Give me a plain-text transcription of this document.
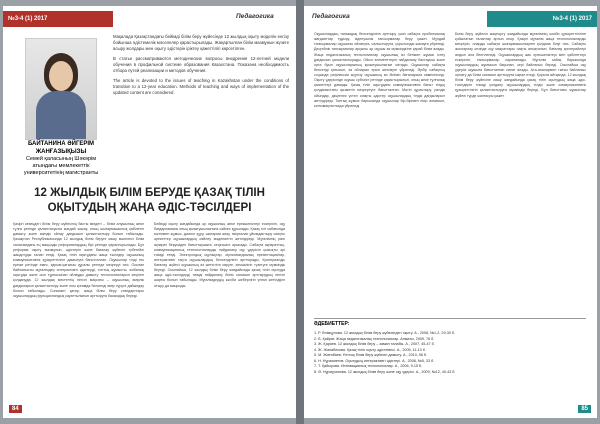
№3-4 (1) 2017	Педагогика
БАЙТАНИНА ӘЙГЕРІМ ЖАНҒАЗЫҚЫЗЫ
Семей қаласының Шәкәрім атындағы мемлекеттік университетінің магистранты

Мақалада Қазақстандағы бейімді білім беру жүйесінде 12 жылдық оқыту моделін енгізу бойынша әдістемелік мәселелер қарастырылады. Жаңартылған білім мазмұнын жүзеге асыру жолдары мен оқыту әдістерін іріктеу қажеттілігі көрсетілген.

В статье рассматриваются методические вопросы внедрения 12-летней модели обучения в профильной системе образования Казахстана. Показана необходимость отбора путей реализации и методов обучения.

The article is devoted to the issues of teaching in Kazakhstan under the conditions of transition to a 12-year education. Methods of teaching and ways of implementation of the updated content are considered.

12 ЖЫЛДЫҚ БІЛІМ БЕРУДЕ ҚАЗАҚ ТІЛІН ОҚЫТУДЫҢ ЖАҢА ӘДІС-ТӘСІЛДЕРІ
Қазіргі кезеңдегі білім беру жүйесінің басты міндеті – білім алушының жеке тұлға ретінде қалыптасуына жағдай жасау, оның шығармашылық қабілетін дамыту және өзіндік ойлау дағдысын қалыптастыру болып табылады. Қазақстан Республикасында 12 жылдық білім беруге көшу мәселесі білім саласындағы ең маңызды реформалардың бірі ретінде қарастырылады. Бұл реформа оқыту мазмұнын, әдістерін және бағалау жүйесін түбегейлі жаңартуды талап етеді. Қазақ тілін оқытудағы жаңа тәсілдер оқушының коммуникативтік құзыреттілігін дамытуға бағытталған. Оқушылар тілді тек ереже ретінде емес, қарым-қатынас құралы ретінде меңгеруі тиіс. Осыған байланысты мұғалімдер интерактивті әдістерді, топтық жұмысты, жобалық оқытуды және сын тұрғысынан ойлауды дамыту технологияларын кеңінен қолдануда. 12 жылдық мектептің негізгі мақсаты – оқушының өмірлік дағдыларын қалыптастыру және оны қоғамда белсенді өмір сүруге дайындау болып табылады. Сонымен қатар, жаңа білім беру стандарттары оқушылардың функционалдық сауаттылығын арттыруға басымдық береді.
Бейімді оқыту жағдайында әр оқушының жеке ерекшеліктері ескеріліп, оқу бағдарламасы оның қызығушылығына сәйкес құрылады. Қазақ тілі сабағында мәтінмен жұмыс, диалог құру, шығарма жазу, пікірталас ұйымдастыру сияқты әрекеттер оқушылардың сөйлеу мәдениетін жетілдіреді. Мұғалімнің рөлі ақпарат берушіден бағыттаушыға, кеңесшіге ауысады. Сабақта ақпараттық-коммуникациялық технологияларды пайдалану оқу үдерісін қызықты әрі тиімді етеді. Электрондық оқулықтар, мультимедиялық презентациялар, интерактивті тақта оқушылардың белсенділігін арттырады. Критериалды бағалау жүйесі оқушының өз жетістігін көруге, кемшілігін түзетуге мүмкіндік береді. Осылайша, 12 жылдық білім беру жағдайында қазақ тілін оқытуда жаңа әдіс-тәсілдерді тиімді пайдалану білім сапасын арттырудың негізгі шарты болып табылады. Мұғалімдердің кәсіби шеберлігін үнемі жетілдіріп отыру да маңызды.
84
Педагогика	№3-4 (1) 2017
Оқушылардың танымдық белсенділігін арттыру үшін сабақта проблемалық жағдаяттар тудыру, ізденушілік тапсырмалар беру қажет. Мұндай тапсырмалар оқушыны ойлануға, салыстыруға, қорытынды жасауға үйретеді. Деңгейлік тапсырмалар арқылы әр оқушы өз мүмкіндігіне қарай білім алады. Жаңа педагогикалық технологиялар оқушының өз бетімен жұмыс істеу дағдысын қалыптастырады. Ойын элементтерін пайдалану бастауыш және орта буын оқушыларының қызығушылығын оятады. Оқушылар сабақта белсенді қатысып, өз ойларын еркін жеткізуге үйренеді. Әрбір сабақтың соңында рефлексия жүргізу оқушының өз білімін бағалауына көмектеседі. Оқыту үдерісінде оқушы субъект ретінде қарастырылып, оның жеке тұлғалық қасиеттері дамиды. Қазақ тілін оқытудағы коммуникативтік бағыт тілдің қолданыстағы қызметін меңгертуге бағытталған. Мәтін құрастыру, рөлдік ойындар, дөңгелек үстел сияқты әдістер оқушылардың тілдік дағдыларын жетілдіреді. Топтық жұмыс барысында оқушылар бір-бірімен пікір алмасып, ынтымақтастыққа үйренеді.
Білім беру жүйесін жаңғырту жағдайында мұғалімнің кәсіби құзыреттілігіне қойылатын талаптар артып отыр. Қазіргі мұғалім жаңа технологияларды меңгеріп, оларды сабақта шығармашылықпен қолдана білуі тиіс. Сабақты жоспарлау кезінде оқу мақсаттары нақты анықталып, бағалау критерийлері алдын ала белгіленеді. Оқушылардың жас ерекшеліктері мен қабілеттері ескеріліп, тапсырмалар сараланады. Мұғалім сабақ барысында оқушылардың жұмысын бақылап, кері байланыс береді. Осылайша оқу үдерісі оқушыға бағытталған сипат алады. Ата-аналармен тығыз байланыс орнату да білім сапасын арттыруға ықпал етеді. Қорыта айтқанда, 12 жылдық білім беру жүйесіне көшу жағдайында қазақ тілін оқытудың жаңа әдіс-тәсілдерін тиімді қолдану оқушылардың тілдік және коммуникативтік құзыреттілігін қалыптастыруға мүмкіндік береді. Бұл бағыттағы жұмыстар жүйелі түрде жалғасуы қажет.
ӘДЕБИЕТТЕР:
1. Р. Әлімқұлова. 12 жылдық білім беру жүйесіндегі оқыту. А., 2008, №1-2, 29-30 б.
2. Б. Қайрат. Жаңа педагогикалық технологиялар. Алматы, 2009, 76 б.
3. Ж. Қараев. 12 жылдық білім беру – заман талабы. А., 2007, 45-47 б.
4. Ж. Жанабекова. Қазақ тілін оқыту әдістемесі. А., 2005, 11-13 б.
5. М. Жиенбаев. Ұлттық білім беру жүйесін дамыту. А., 2010, 56 б.
6. Н. Нұрахметов. Оқытудың интерактивті әдістері. А., 2008, №5, 33 б.
7. Т. Қайырова. Инновациялық технологиялар. А., 2006, 9-15 б.
8. Ә. Нұрмұханова. 12 жылдық білім беру және оқу үдерісі. А., 2009, №12, 40-43 б.
85
